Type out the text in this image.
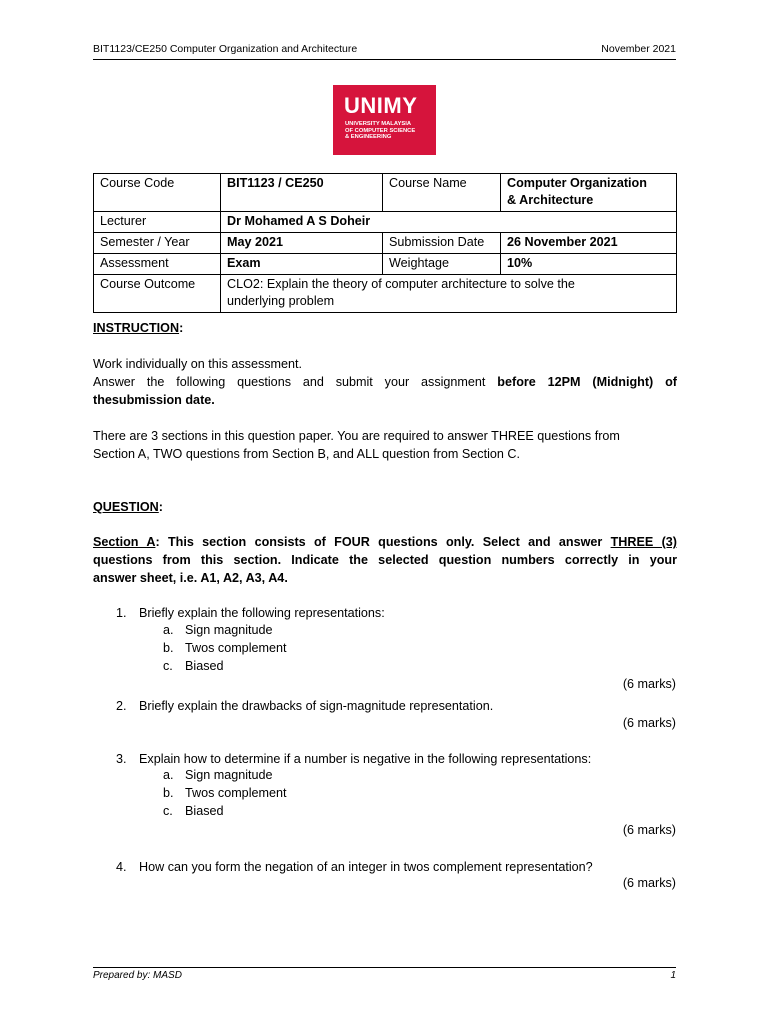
BIT1123/CE250 Computer Organization and Architecture	November 2021
UNIMY
UNIVERSITY MALAYSIA
OF COMPUTER SCIENCE
& ENGINEERING
Course Code	BIT1123 / CE250	Course Name	Computer Organization
& Architecture

Lecturer	Dr Mohamed A S Doheir		
Semester / Year	May 2021	Submission Date	26 November 2021
Assessment	Exam	Weightage	10%
Course Outcome	CLO2: Explain the theory of computer architecture to solve the
underlying problem		
INSTRUCTION:
Work individually on this assessment.
Answer the following questions and submit your assignment before 12PM (Midnight) of
thesubmission date.
There are 3 sections in this question paper. You are required to answer THREE questions from
Section A, TWO questions from Section B, and ALL question from Section C.
QUESTION:
Section A: This section consists of FOUR questions only. Select and answer THREE (3)
questions from this section. Indicate the selected question numbers correctly in your
answer sheet, i.e. A1, A2, A3, A4.
1. Briefly explain the following representations:
a. Sign magnitude
b. Twos complement
c. Biased
(6 marks)
2. Briefly explain the drawbacks of sign-magnitude representation.
(6 marks)
3. Explain how to determine if a number is negative in the following representations:
a. Sign magnitude
b. Twos complement
c. Biased
(6 marks)
4. How can you form the negation of an integer in twos complement representation?
(6 marks)
Prepared by: MASD	1
